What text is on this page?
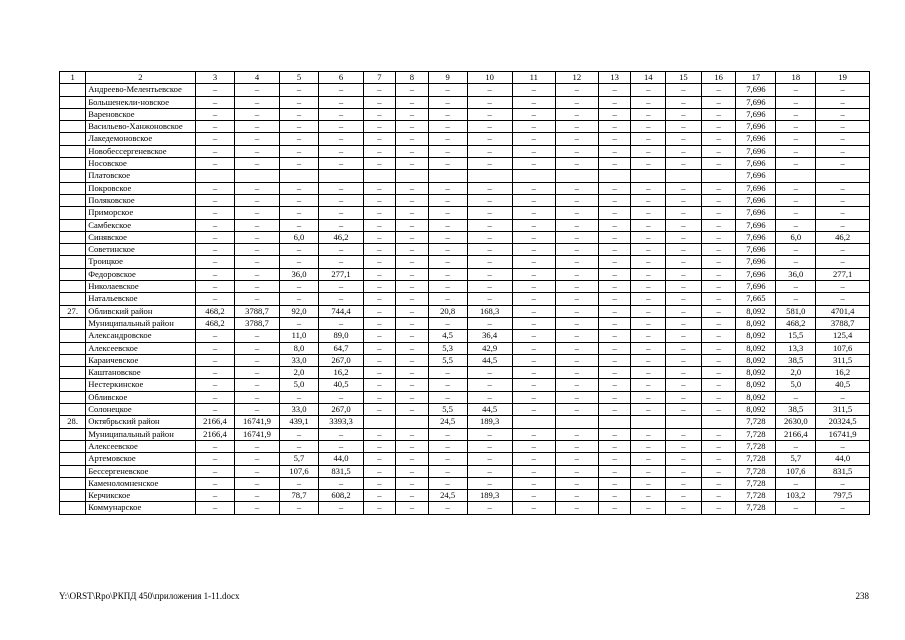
1	2	3	4	5	6	7	8	9	10	11	12	13	14	15	16	17	18	19
	Андреево-Мелентьевское	–	–	–	–	–	–	–	–	–	–	–	–	–	–	7,696	–	–
	Большенекли-новское	–	–	–	–	–	–	–	–	–	–	–	–	–	–	7,696	–	–
	Вареновское	–	–	–	–	–	–	–	–	–	–	–	–	–	–	7,696	–	–
	Васильево-Ханжоновское	–	–	–	–	–	–	–	–	–	–	–	–	–	–	7,696	–	–
	Лакедемоновское	–	–	–	–	–	–	–	–	–	–	–	–	–	–	7,696	–	–
	Новобессергеневское	–	–	–	–	–	–	–	–	–	–	–	–	–	–	7,696	–	–
	Носовское	–	–	–	–	–	–	–	–	–	–	–	–	–	–	7,696	–	–
	Платовское															7,696		
	Покровское	–	–	–	–	–	–	–	–	–	–	–	–	–	–	7,696	–	–
	Поляковское	–	–	–	–	–	–	–	–	–	–	–	–	–	–	7,696	–	–
	Приморское	–	–	–	–	–	–	–	–	–	–	–	–	–	–	7,696	–	–
	Самбекское	–	–	–	–	–	–	–	–	–	–	–	–	–	–	7,696	–	–
	Синявское	–	–	6,0	46,2	–	–	–	–	–	–	–	–	–	–	7,696	6,0	46,2
	Советинское	–	–	–	–	–	–	–	–	–	–	–	–	–	–	7,696	–	–
	Троицкое	–	–	–	–	–	–	–	–	–	–	–	–	–	–	7,696	–	–
	Федоровское	–	–	36,0	277,1	–	–	–	–	–	–	–	–	–	–	7,696	36,0	277,1
	Николаевское	–	–	–	–	–	–	–	–	–	–	–	–	–	–	7,696	–	–
	Натальевское	–	–	–	–	–	–	–	–	–	–	–	–	–	–	7,665	–	–
27.	Обливский район	468,2	3788,7	92,0	744,4	–	–	20,8	168,3	–	–	–	–	–	–	8,092	581,0	4701,4
	Муниципальный район	468,2	3788,7	–	–	–	–	–	–	–	–	–	–	–	–	8,092	468,2	3788,7
	Александровское	–	–	11,0	89,0	–	–	4,5	36,4	–	–	–	–	–	–	8,092	15,5	125,4
	Алексеевское	–	–	8,0	64,7	–	–	5,3	42,9	–	–	–	–	–	–	8,092	13,3	107,6
	Караичевское	–	–	33,0	267,0	–	–	5,5	44,5	–	–	–	–	–	–	8,092	38,5	311,5
	Каштановское	–	–	2,0	16,2	–	–	–	–	–	–	–	–	–	–	8,092	2,0	16,2
	Нестеркинское	–	–	5,0	40,5	–	–	–	–	–	–	–	–	–	–	8,092	5,0	40,5
	Обливское	–	–	–	–	–	–	–	–	–	–	–	–	–	–	8,092	–	–
	Солонецкое	–	–	33,0	267,0	–	–	5,5	44,5	–	–	–	–	–	–	8,092	38,5	311,5
28.	Октябрьский район	2166,4	16741,9	439,1	3393,3			24,5	189,3							7,728	2630,0	20324,5
	Муниципальный район	2166,4	16741,9	–	–	–	–	–	–	–	–	–	–	–	–	7,728	2166,4	16741,9
	Алексеевское	–	–	–	–	–	–	–	–	–	–	–	–	–	–	7,728	–	–
	Артемовское	–	–	5,7	44,0	–	–	–	–	–	–	–	–	–	–	7,728	5,7	44,0
	Бессергеневское	–	–	107,6	831,5	–	–	–	–	–	–	–	–	–	–	7,728	107,6	831,5
	Каменоломненское	–	–	–	–	–	–	–	–	–	–	–	–	–	–	7,728	–	–
	Керчикское	–	–	78,7	608,2	–	–	24,5	189,3	–	–	–	–	–	–	7,728	103,2	797,5
	Коммунарское	–	–	–	–	–	–	–	–	–	–	–	–	–	–	7,728	–	–
Y:\ORST\Rpo\РКПД 450\приложения 1-11.docx	238
